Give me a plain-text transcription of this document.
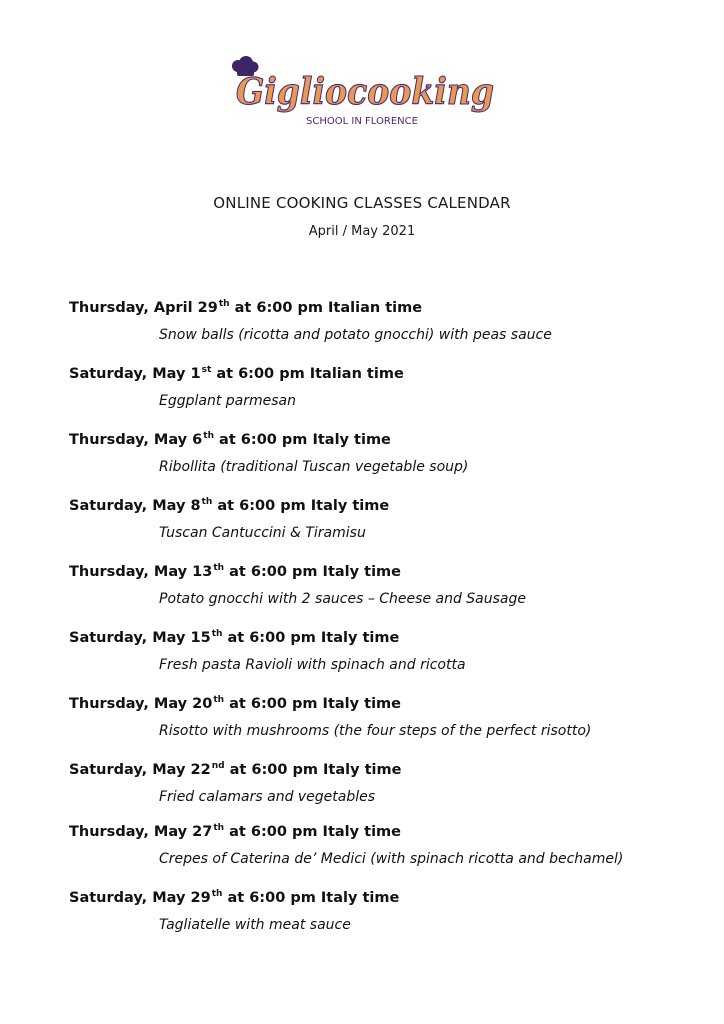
Gigliocooking
SCHOOL IN FLORENCE
ONLINE COOKING CLASSES CALENDAR
April / May 2021
Thursday, April 29th at 6:00 pm Italian time
Snow balls (ricotta and potato gnocchi) with peas sauce
Saturday, May 1st at 6:00 pm Italian time
Eggplant parmesan
Thursday, May 6th at 6:00 pm Italy time
Ribollita (traditional Tuscan vegetable soup)
Saturday, May 8th at 6:00 pm Italy time
Tuscan Cantuccini & Tiramisu
Thursday, May 13th at 6:00 pm Italy time
Potato gnocchi with 2 sauces – Cheese and Sausage
Saturday, May 15th at 6:00 pm Italy time
Fresh pasta Ravioli with spinach and ricotta
Thursday, May 20th at 6:00 pm Italy time
Risotto with mushrooms (the four steps of the perfect risotto)
Saturday, May 22nd at 6:00 pm Italy time
Fried calamars and vegetables
Thursday, May 27th at 6:00 pm Italy time
Crepes of Caterina de’ Medici (with spinach ricotta and bechamel)
Saturday, May 29th at 6:00 pm Italy time
Tagliatelle with meat sauce
